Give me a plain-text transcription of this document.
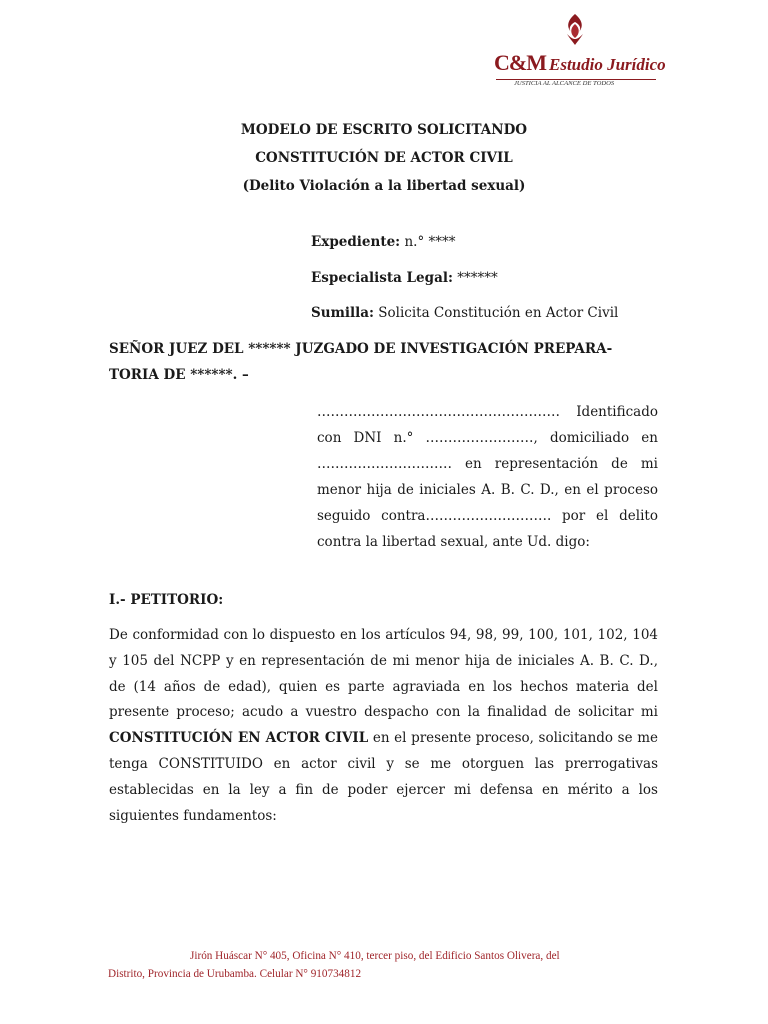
C&M Estudio Jurídico
JUSTICIA AL ALCANCE DE TODOS
MODELO DE ESCRITO SOLICITANDO
CONSTITUCIÓN DE ACTOR CIVIL
(Delito Violación a la libertad sexual)
Expediente: n.° ****
Especialista Legal: ******
Sumilla: Solicita Constitución en Actor Civil
SEÑOR JUEZ DEL ****** JUZGADO DE INVESTIGACIÓN PREPARA-
TORIA DE ******. –

……………………………………………… Identificado con DNI n.° ……………………, domiciliado en ………………………… en representación de mi menor hija de iniciales A. B. C. D., en el proceso seguido contra………………………. por el delito contra la libertad sexual, ante Ud. digo:

I.- PETITORIO:

De conformidad con lo dispuesto en los artículos 94, 98, 99, 100, 101, 102, 104 y 105 del NCPP y en representación de mi menor hija de iniciales A. B. C. D., de (14 años de edad), quien es parte agraviada en los hechos materia del presente proceso; acudo a vuestro despacho con la finalidad de solicitar mi CONSTITUCIÓN EN ACTOR CIVIL en el presente proceso, solicitando se me tenga CONSTITUIDO en actor civil y se me otorguen las prerrogativas establecidas en la ley a fin de poder ejercer mi defensa en mérito a los siguientes fundamentos:

Jirón Huáscar N° 405, Oficina N° 410, tercer piso, del Edificio Santos Olivera, del
Distrito, Provincia de Urubamba. Celular N° 910734812
